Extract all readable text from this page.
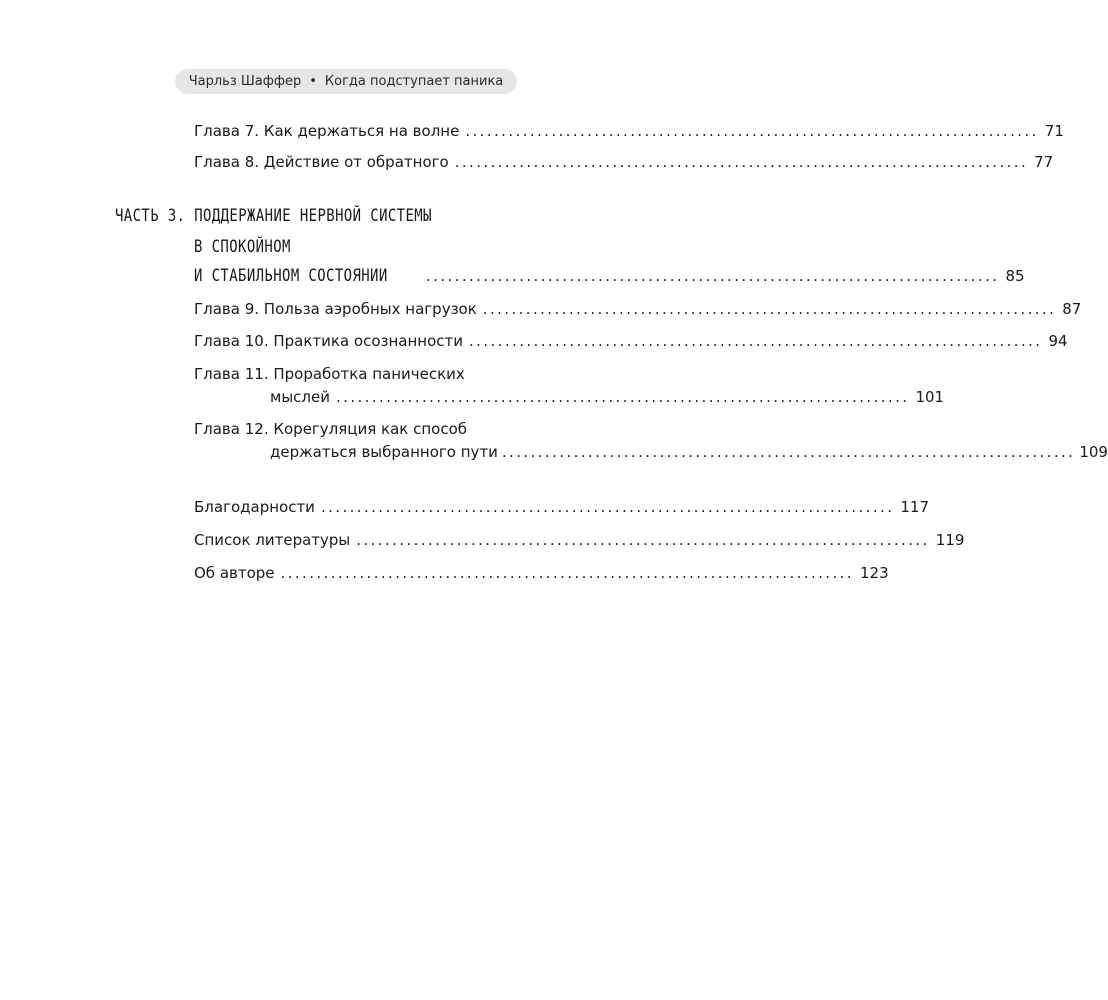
Чарльз Шаффер • Когда подступает паника
Глава 7. Как держаться на волне ................................................................................ 71
Глава 8. Действие от обратного ................................................................................ 77
ЧАСТЬ 3. ПОДДЕРЖАНИЕ НЕРВНОЙ СИСТЕМЫ
В СПОКОЙНОМ
И СТАБИЛЬНОМ СОСТОЯНИИ	................................................................................ 85
Глава 9. Польза аэробных нагрузок ................................................................................ 87
Глава 10. Практика осознанности ................................................................................ 94
Глава 11. Проработка панических
мыслей ................................................................................ 101
Глава 12. Корегуляция как способ
держаться выбранного пути ................................................................................ 109
Благодарности ................................................................................ 117
Список литературы ................................................................................ 119
Об авторе ................................................................................ 123
